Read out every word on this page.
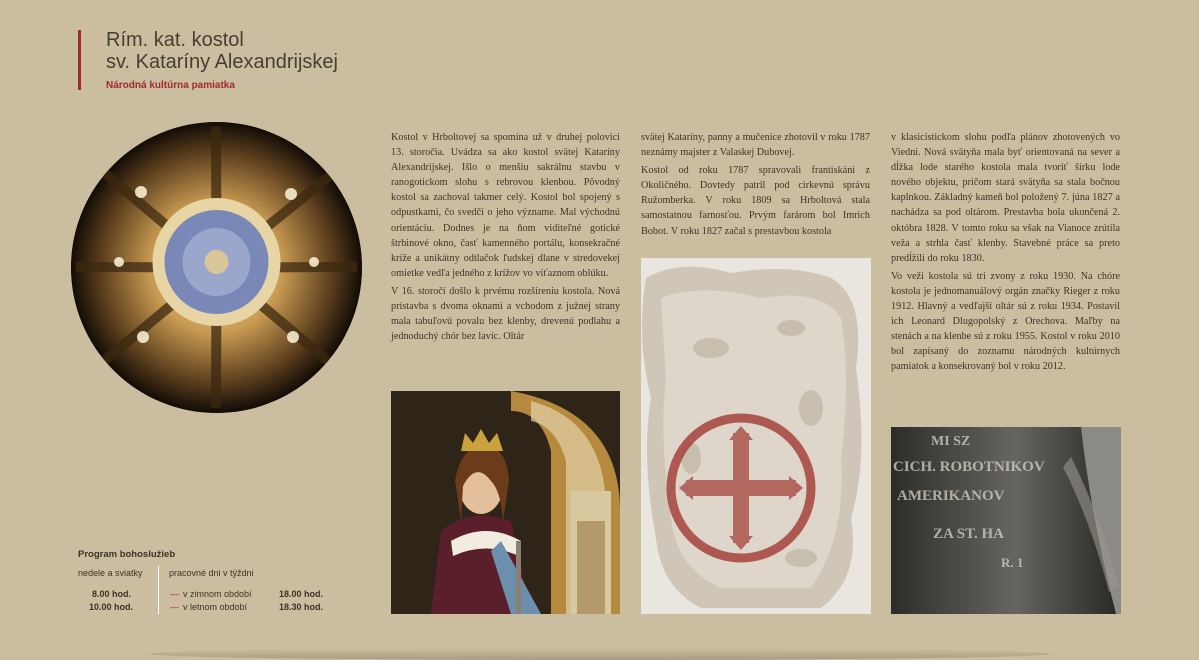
Rím. kat. kostol
sv. Kataríny Alexandrijskej
Národná kultúrna pamiatka

Kostol v Hrboltovej sa spomína už v druhej polovici 13. storočia. Uvádza sa ako kostol svätej Kataríny Alexandrijskej. Išlo o menšiu sakrálnu stavbu v ranogotickom slohu s rebrovou klenbou. Pôvodný kostol sa zachoval takmer celý. Kostol bol spojený s odpustkami, čo svedčí o jeho význame. Mal východnú orientáciu. Dodnes je na ňom viditeľné gotické štrbinové okno, časť kamenného portálu, konsekračné kríže a unikátny odtlačok ľudskej dlane v stredovekej omietke vedľa jedného z krížov vo víťaznom oblúku.

V 16. storočí došlo k prvému rozšíreniu kostola. Nová prístavba s dvoma oknami a vchodom z južnej strany mala tabuľovú povalu bez klenby, drevenú podlahu a jednoduchý chór bez lavíc. Oltár

svätej Kataríny, panny a mučenice zhotovil v roku 1787 neznámy majster z Valaskej Dubovej.

Kostol od roku 1787 spravovali frantiskáni z Okoličného. Dovtedy patril pod cirkevnú správu Ružomberka. V roku 1809 sa Hrboltová stala samostatnou farnosťou. Prvým farárom bol Imrich Bobot. V roku 1827 začal s prestavbou kostola

v klasicistickom slohu podľa plánov zhotovených vo Viedni. Nová svätyňa mala byť orientovaná na sever a dĺžka lode starého kostola mala tvoriť šírku lode nového objektu, pričom stará svätyňa sa stala bočnou kaplnkou. Základný kameň bol položený 7. júna 1827 a nachádza sa pod oltárom. Prestavba bola ukončená 2. októbra 1828. V tomto roku sa však na Vianoce zrútila veža a strhla časť klenby. Stavebné práce sa preto predĺžili do roku 1830.

Vo veži kostola sú tri zvony z roku 1930. Na chóre kostola je jednomanuálový orgán značky Rieger z roku 1912. Hlavný a vedľajší oltár sú z roku 1934. Postavil ich Leonard Dlugopolský z Orechova. Maľby na stenách a na klenbe sú z roku 1955. Kostol v roku 2010 bol zapísaný do zoznamu národných kultúrnych pamiatok a konsekrovaný bol v roku 2012.

MI SZ
CICH. ROBOTNIKOV
AMERIKANOV
ZA ST. HA
R. 1
Program bohoslužieb
nedele a sviatky	pracovné dni v týždni
8.00 hod.
10.00 hod.
— v zimnom období
— v letnom období
18.00 hod.
18.30 hod.
